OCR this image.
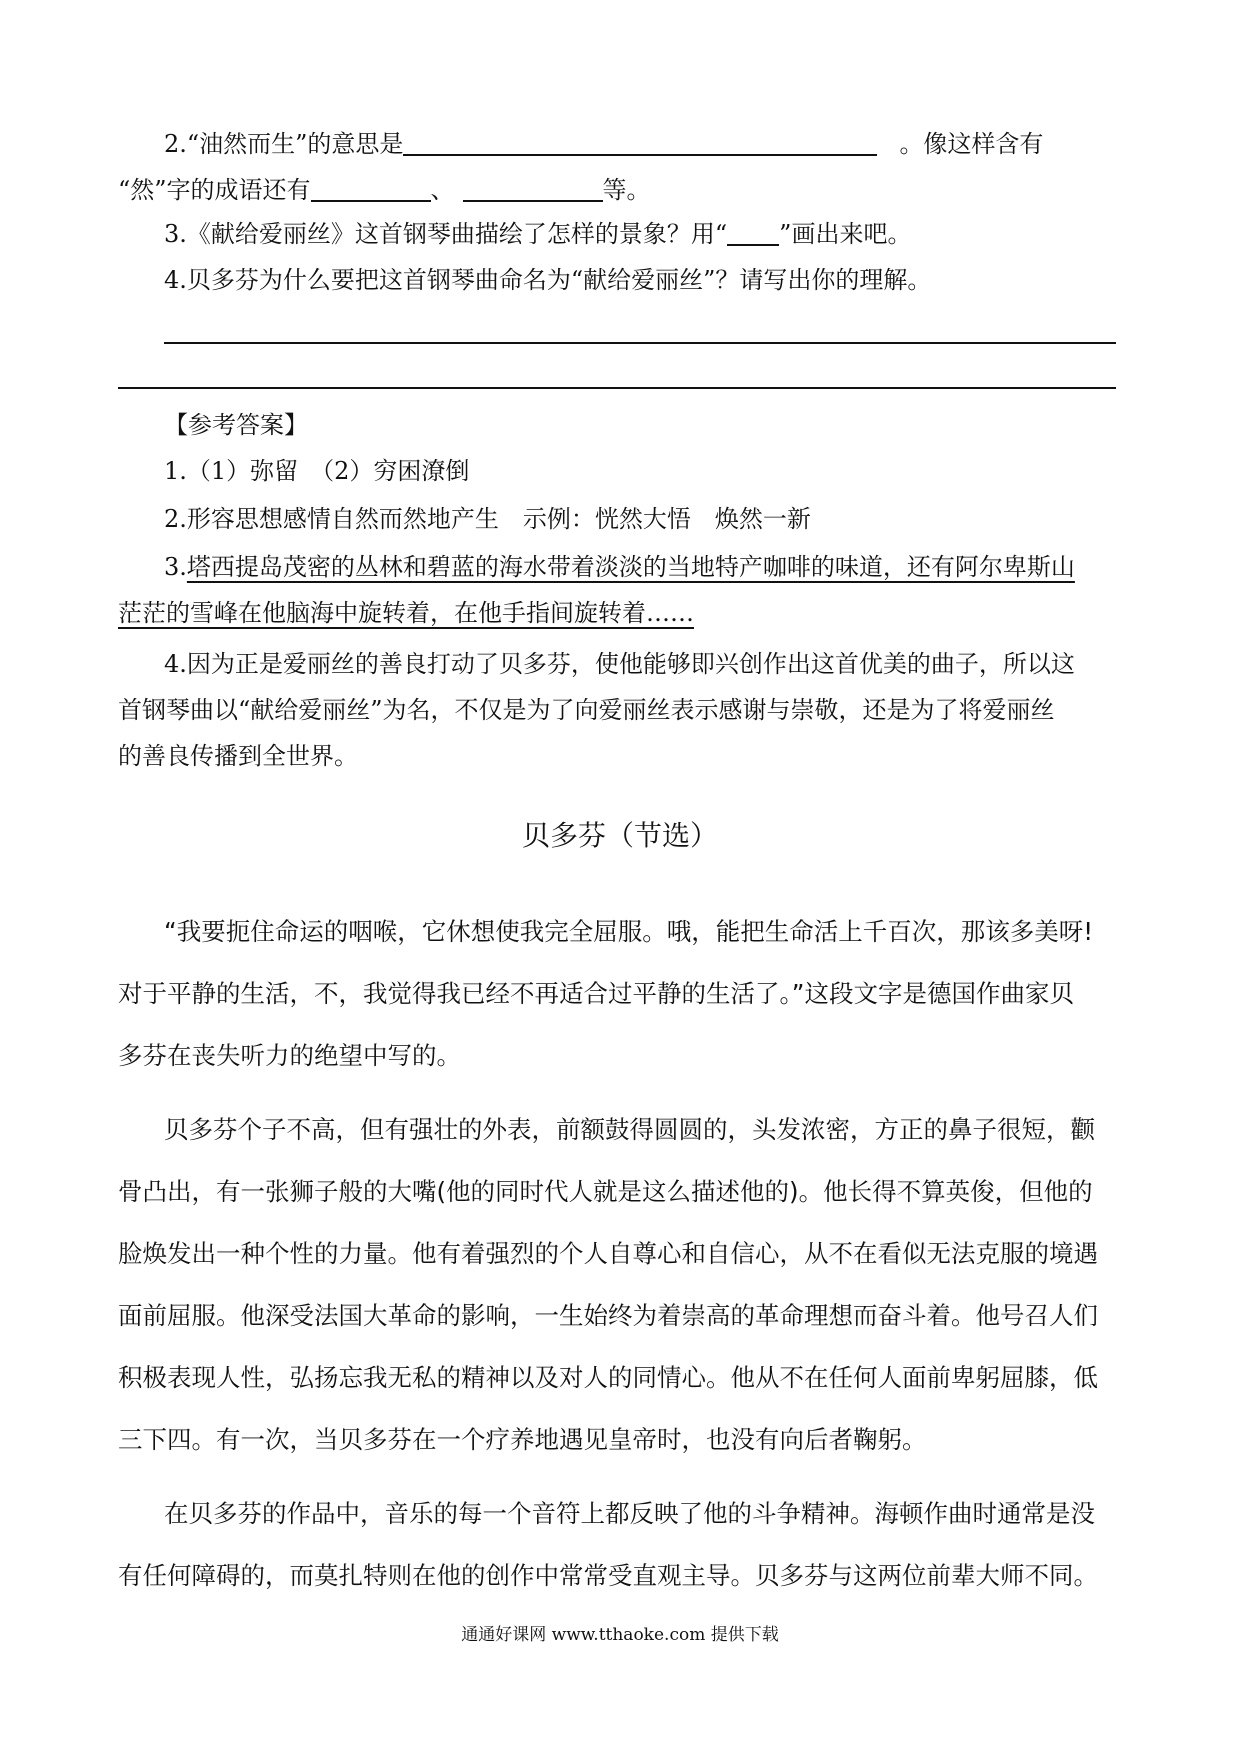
2.“油然而生”的意思是	。像这样含有
“然”字的成语还有	、	等。
3.《献给爱丽丝》这首钢琴曲描绘了怎样的景象？用“ ”画出来吧。
4.贝多芬为什么要把这首钢琴曲命名为“献给爱丽丝”？请写出你的理解。
【参考答案】
1.（1）弥留　（2）穷困潦倒
2.形容思想感情自然而然地产生　示例：恍然大悟　焕然一新
3.塔西提岛茂密的丛林和碧蓝的海水带着淡淡的当地特产咖啡的味道，还有阿尔卑斯山
茫茫的雪峰在他脑海中旋转着，在他手指间旋转着……
4.因为正是爱丽丝的善良打动了贝多芬，使他能够即兴创作出这首优美的曲子，所以这
首钢琴曲以“献给爱丽丝”为名，不仅是为了向爱丽丝表示感谢与崇敬，还是为了将爱丽丝
的善良传播到全世界。
贝多芬（节选）
“我要扼住命运的咽喉，它休想使我完全屈服。哦，能把生命活上千百次，那该多美呀!
对于平静的生活，不，我觉得我已经不再适合过平静的生活了。”这段文字是德国作曲家贝
多芬在丧失听力的绝望中写的。
贝多芬个子不高，但有强壮的外表，前额鼓得圆圆的，头发浓密，方正的鼻子很短，颧
骨凸出，有一张狮子般的大嘴(他的同时代人就是这么描述他的)。他长得不算英俊，但他的
脸焕发出一种个性的力量。他有着强烈的个人自尊心和自信心，从不在看似无法克服的境遇
面前屈服。他深受法国大革命的影响，一生始终为着崇高的革命理想而奋斗着。他号召人们
积极表现人性，弘扬忘我无私的精神以及对人的同情心。他从不在任何人面前卑躬屈膝，低
三下四。有一次，当贝多芬在一个疗养地遇见皇帝时，也没有向后者鞠躬。
在贝多芬的作品中，音乐的每一个音符上都反映了他的斗争精神。海顿作曲时通常是没
有任何障碍的，而莫扎特则在他的创作中常常受直观主导。贝多芬与这两位前辈大师不同。
通通好课网 www.tthaoke.com 提供下载
